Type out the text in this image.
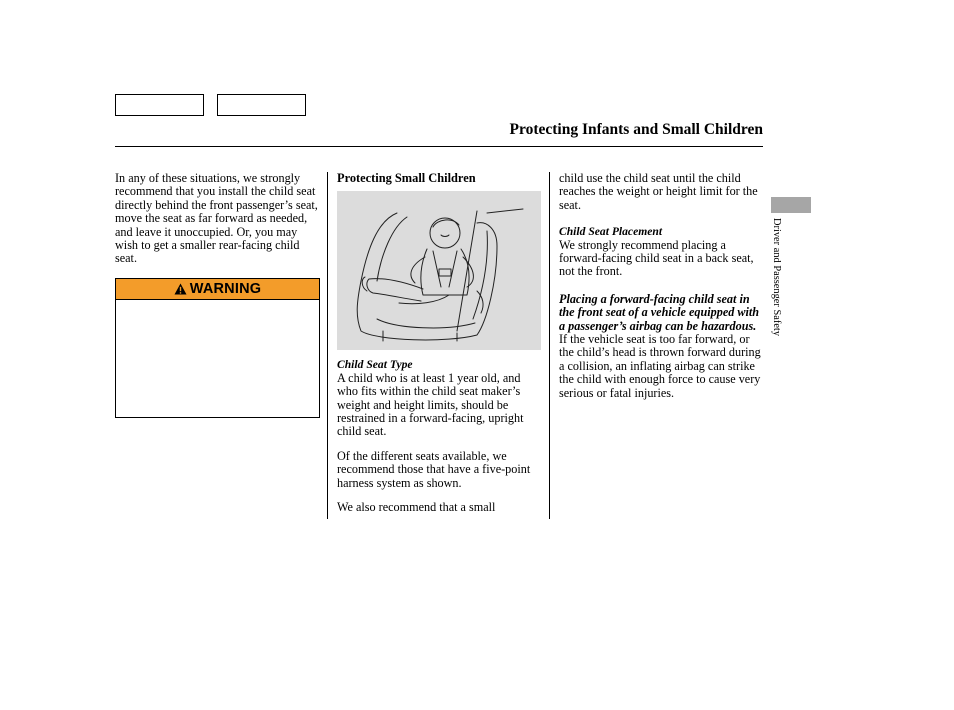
Protecting Infants and Small Children

In any of these situations, we strongly recommend that you install the child seat directly behind the front passenger’s seat, move the seat as far forward as needed, and leave it unoccupied. Or, you may wish to get a smaller rear-facing child seat.

WARNING

Protecting Small Children

Child Seat Type

A child who is at least 1 year old, and who fits within the child seat maker’s weight and height limits, should be restrained in a forward-facing, upright child seat.

Of the different seats available, we recommend those that have a five-point harness system as shown.

We also recommend that a small

child use the child seat until the child reaches the weight or height limit for the seat.

Child Seat Placement

We strongly recommend placing a forward-facing child seat in a back seat, not the front.

Placing a forward-facing child seat in the front seat of a vehicle equipped with a passenger’s airbag can be hazardous. If the vehicle seat is too far forward, or the child’s head is thrown forward during a collision, an inflating airbag can strike the child with enough force to cause very serious or fatal injuries.

Driver and Passenger Safety
